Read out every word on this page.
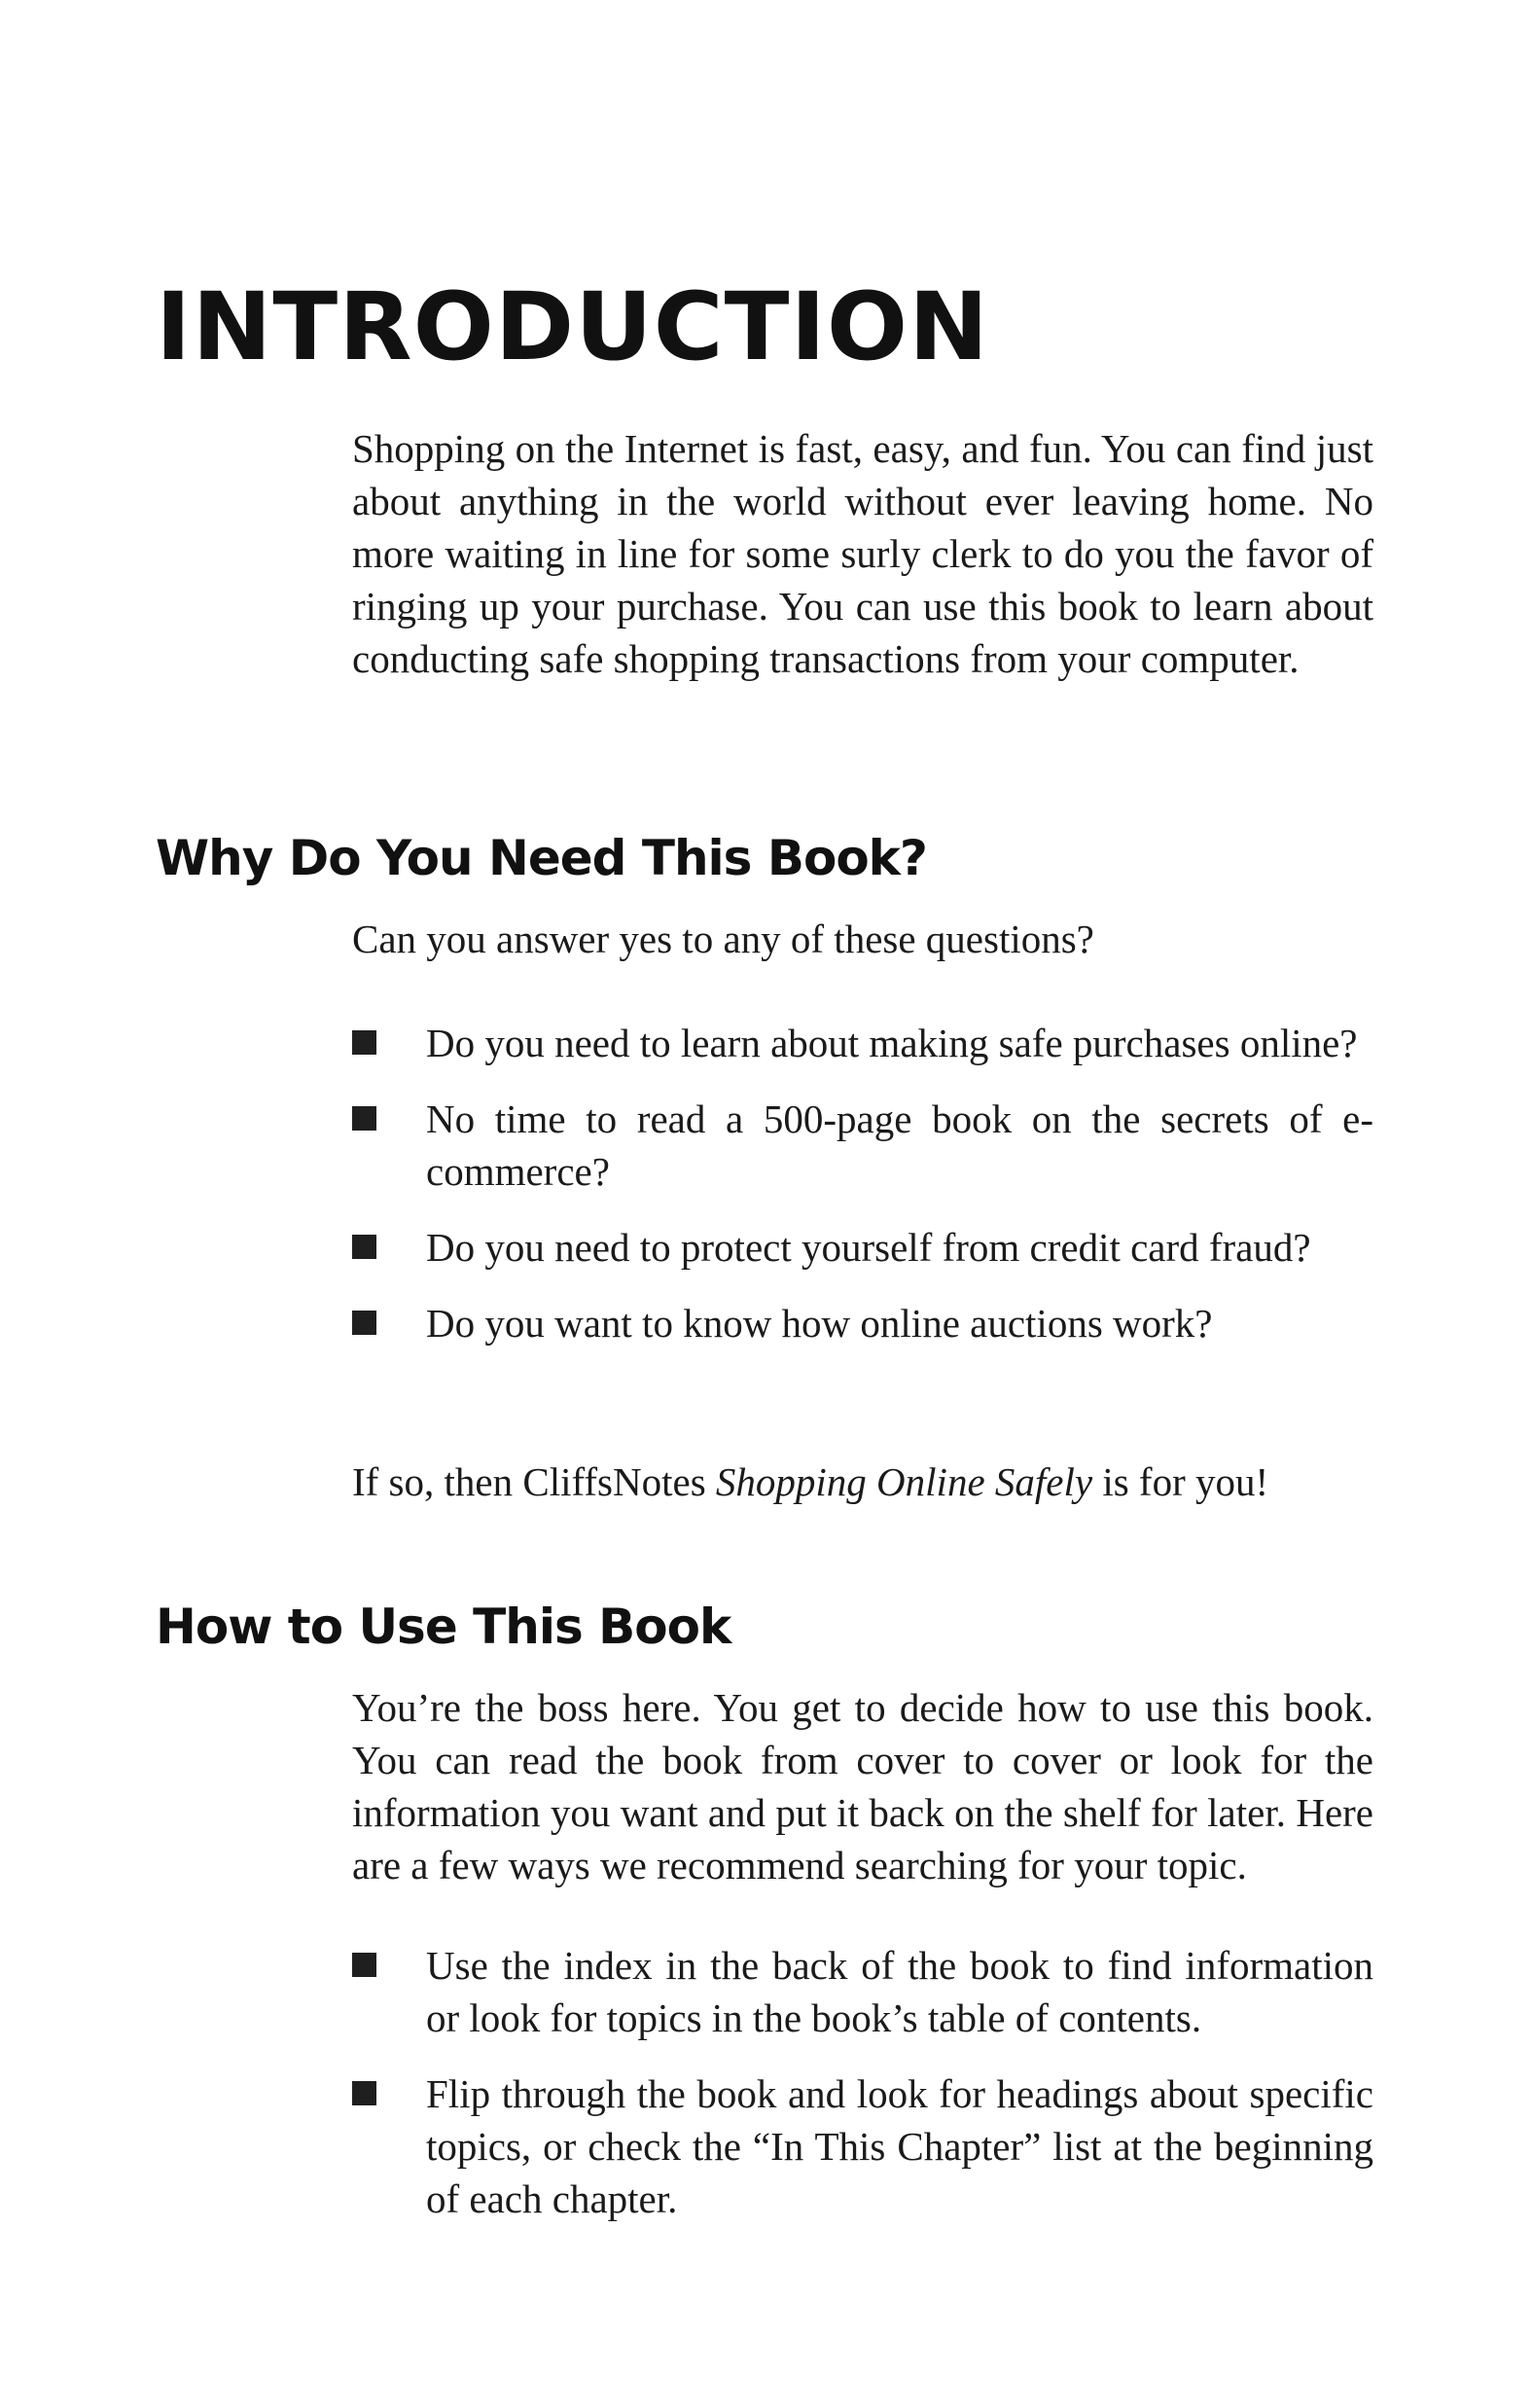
INTRODUCTION

Shopping on the Internet is fast, easy, and fun. You can find just about anything in the world without ever leaving home. No more waiting in line for some surly clerk to do you the favor of ringing up your purchase. You can use this book to learn about conducting safe shopping transactions from your computer.

Why Do You Need This Book?

Can you answer yes to any of these questions?

Do you need to learn about making safe purchases online?
No time to read a 500-page book on the secrets of e-commerce?
Do you need to protect yourself from credit card fraud?
Do you want to know how online auctions work?

If so, then CliffsNotes Shopping Online Safely is for you!

How to Use This Book

You’re the boss here. You get to decide how to use this book. You can read the book from cover to cover or look for the information you want and put it back on the shelf for later. Here are a few ways we recommend searching for your topic.

Use the index in the back of the book to find information or look for topics in the book’s table of contents.
Flip through the book and look for headings about specific topics, or check the “In This Chapter” list at the beginning of each chapter.
